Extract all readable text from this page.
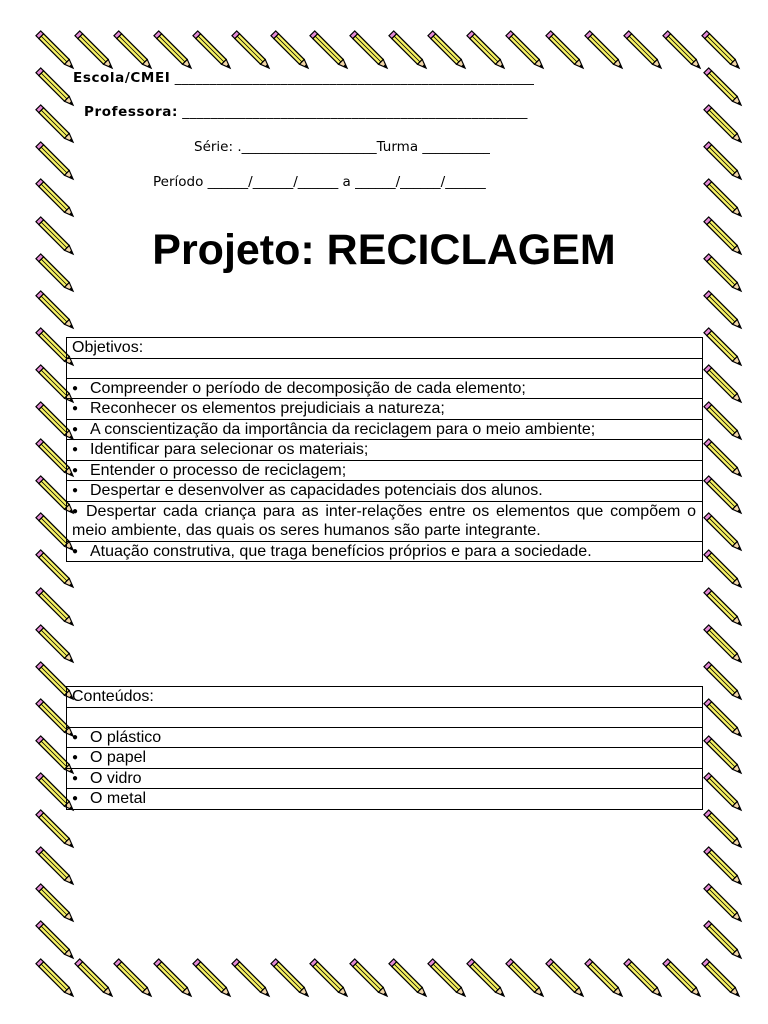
Escola/CMEI ___________________________________________________
Professora: _________________________________________________
Série: .____________________Turma __________
Período ______/______/______ a ______/______/______
Projeto: RECICLAGEM
Objetivos:

● Compreender o período de decomposição de cada elemento;
● Reconhecer os elementos prejudiciais a natureza;
● A conscientização da importância da reciclagem para o meio ambiente;
● Identificar para selecionar os materiais;
● Entender o processo de reciclagem;
● Despertar e desenvolver as capacidades potenciais dos alunos.
● Despertar cada criança para as inter-relações entre os elementos que compõem o meio ambiente, das quais os seres humanos são parte integrante.
● Atuação construtiva, que traga benefícios próprios e para a sociedade.
Conteúdos:

● O plástico
● O papel
● O vidro
● O metal
